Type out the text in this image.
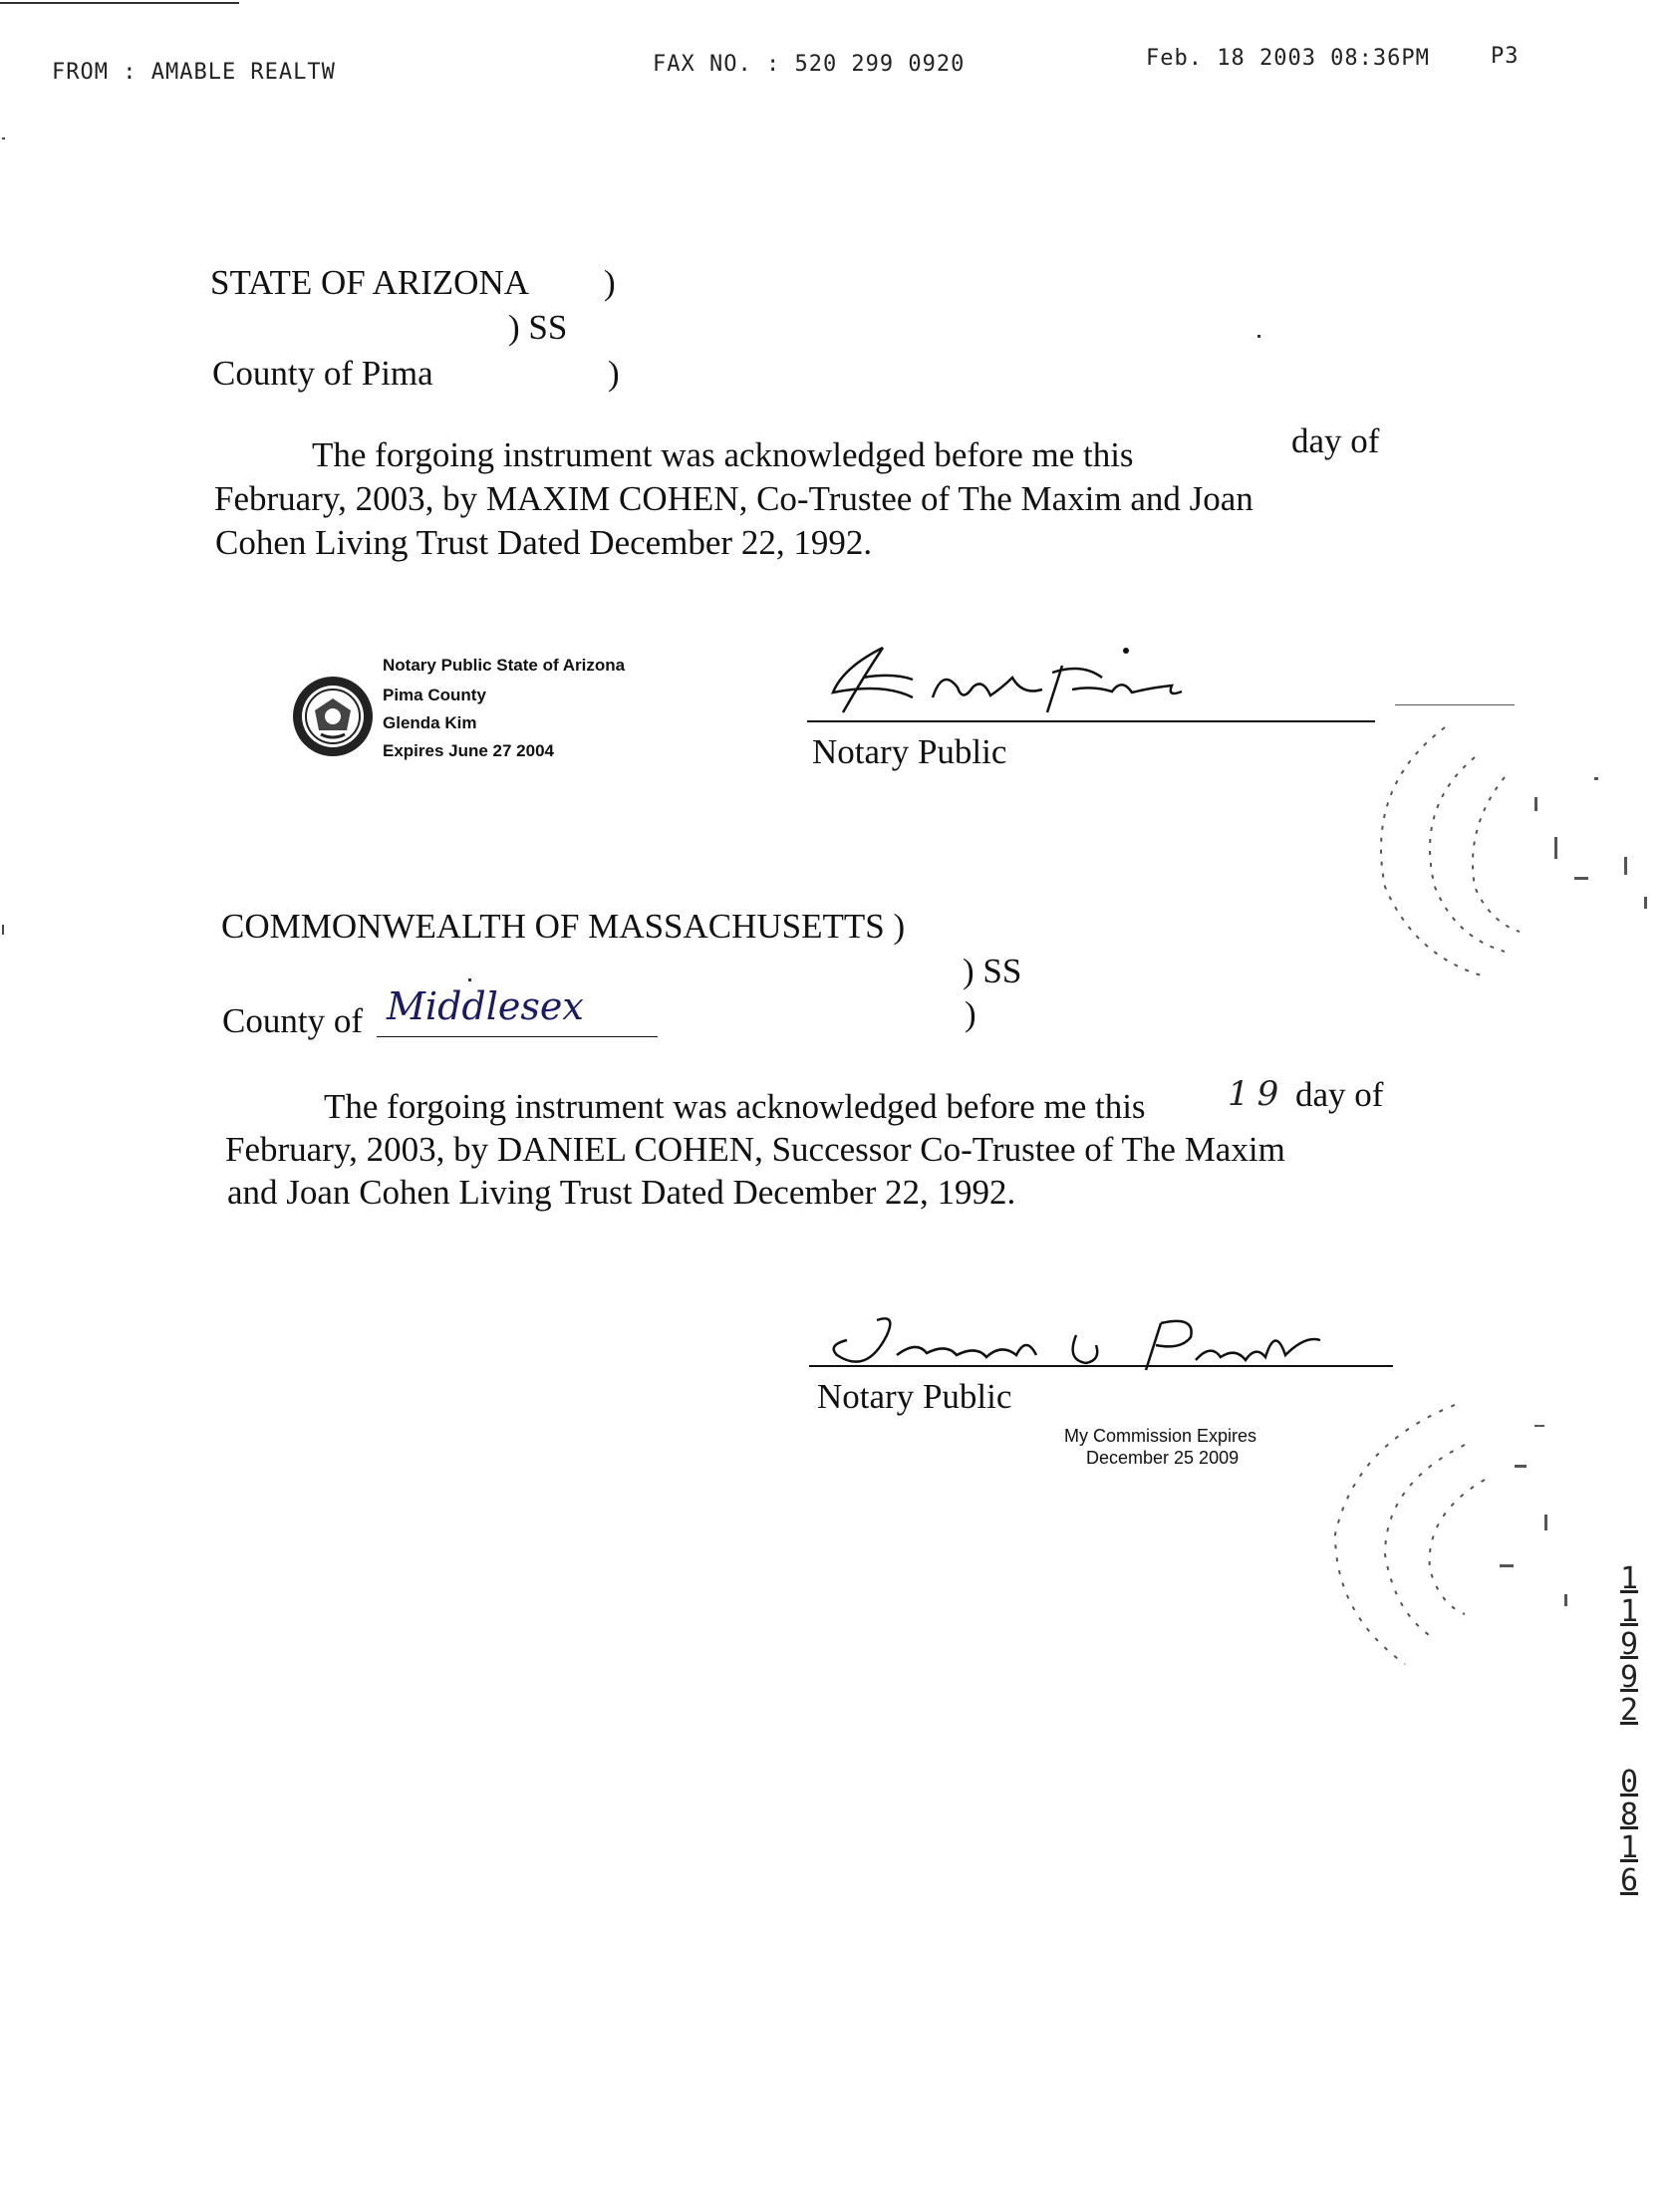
FROM : AMABLE REALTW	FAX NO. : 520 299 0920	Feb. 18 2003 08:36PM	P3
STATE OF ARIZONA )
) SS
County of Pima	)
The forgoing instrument was acknowledged before me this	day of
February, 2003, by MAXIM COHEN, Co-Trustee of The Maxim and Joan
Cohen Living Trust Dated December 22, 1992.
Notary Public State of Arizona
Pima County
Glenda Kim
Expires June 27 2004	Notary Public
COMMONWEALTH OF MASSACHUSETTS )
) SS
County of Middlesex	)
The forgoing instrument was acknowledged before me this 19 day of
February, 2003, by DANIEL COHEN, Successor Co-Trustee of The Maxim
and Joan Cohen Living Trust Dated December 22, 1992.
Notary Public
My Commission Expires
December 25 2009
1
1
9
9
2
0
8
1
6
